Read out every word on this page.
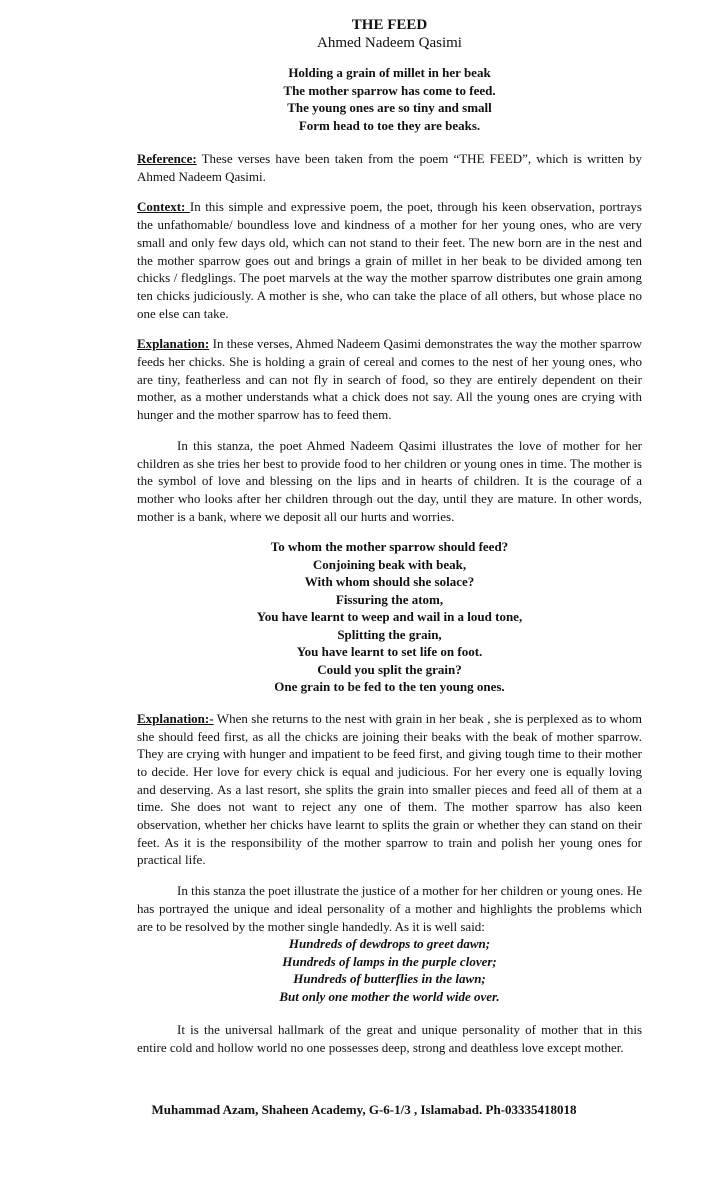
THE FEED
Ahmed Nadeem Qasimi
Holding a grain of millet in her beak
The mother sparrow has come to feed.
The young ones are so tiny and small
Form head to toe they are beaks.

Reference: These verses have been taken from the poem “THE FEED”, which is written by Ahmed Nadeem Qasimi.

Context: In this simple and expressive poem, the poet, through his keen observation, portrays the unfathomable/ boundless love and kindness of a mother for her young ones, who are very small and only few days old, which can not stand to their feet. The new born are in the nest and the mother sparrow goes out and brings a grain of millet in her beak to be divided among ten chicks / fledglings. The poet marvels at the way the mother sparrow distributes one grain among ten chicks judiciously. A mother is she, who can take the place of all others, but whose place no one else can take.

Explanation: In these verses, Ahmed Nadeem Qasimi demonstrates the way the mother sparrow feeds her chicks. She is holding a grain of cereal and comes to the nest of her young ones, who are tiny, featherless and can not fly in search of food, so they are entirely dependent on their mother, as a mother understands what a chick does not say. All the young ones are crying with hunger and the mother sparrow has to feed them.

In this stanza, the poet Ahmed Nadeem Qasimi illustrates the love of mother for her children as she tries her best to provide food to her children or young ones in time. The mother is the symbol of love and blessing on the lips and in hearts of children. It is the courage of a mother who looks after her children through out the day, until they are mature. In other words, mother is a bank, where we deposit all our hurts and worries.

To whom the mother sparrow should feed?
Conjoining beak with beak,
With whom should she solace?
Fissuring the atom,
You have learnt to weep and wail in a loud tone,
Splitting the grain,
You have learnt to set life on foot.
Could you split the grain?
One grain to be fed to the ten young ones.

Explanation:- When she returns to the nest with grain in her beak , she is perplexed as to whom she should feed first, as all the chicks are joining their beaks with the beak of mother sparrow. They are crying with hunger and impatient to be feed first, and giving tough time to their mother to decide. Her love for every chick is equal and judicious. For her every one is equally loving and deserving. As a last resort, she splits the grain into smaller pieces and feed all of them at a time. She does not want to reject any one of them. The mother sparrow has also keen observation, whether her chicks have learnt to splits the grain or whether they can stand on their feet. As it is the responsibility of the mother sparrow to train and polish her young ones for practical life.

In this stanza the poet illustrate the justice of a mother for her children or young ones. He has portrayed the unique and ideal personality of a mother and highlights the problems which are to be resolved by the mother single handedly. As it is well said:

Hundreds of dewdrops to greet dawn;
Hundreds of lamps in the purple clover;
Hundreds of butterflies in the lawn;
But only one mother the world wide over.

It is the universal hallmark of the great and unique personality of mother that in this entire cold and hollow world no one possesses deep, strong and deathless love except mother.

Muhammad Azam, Shaheen Academy, G-6-1/3 , Islamabad. Ph-03335418018
